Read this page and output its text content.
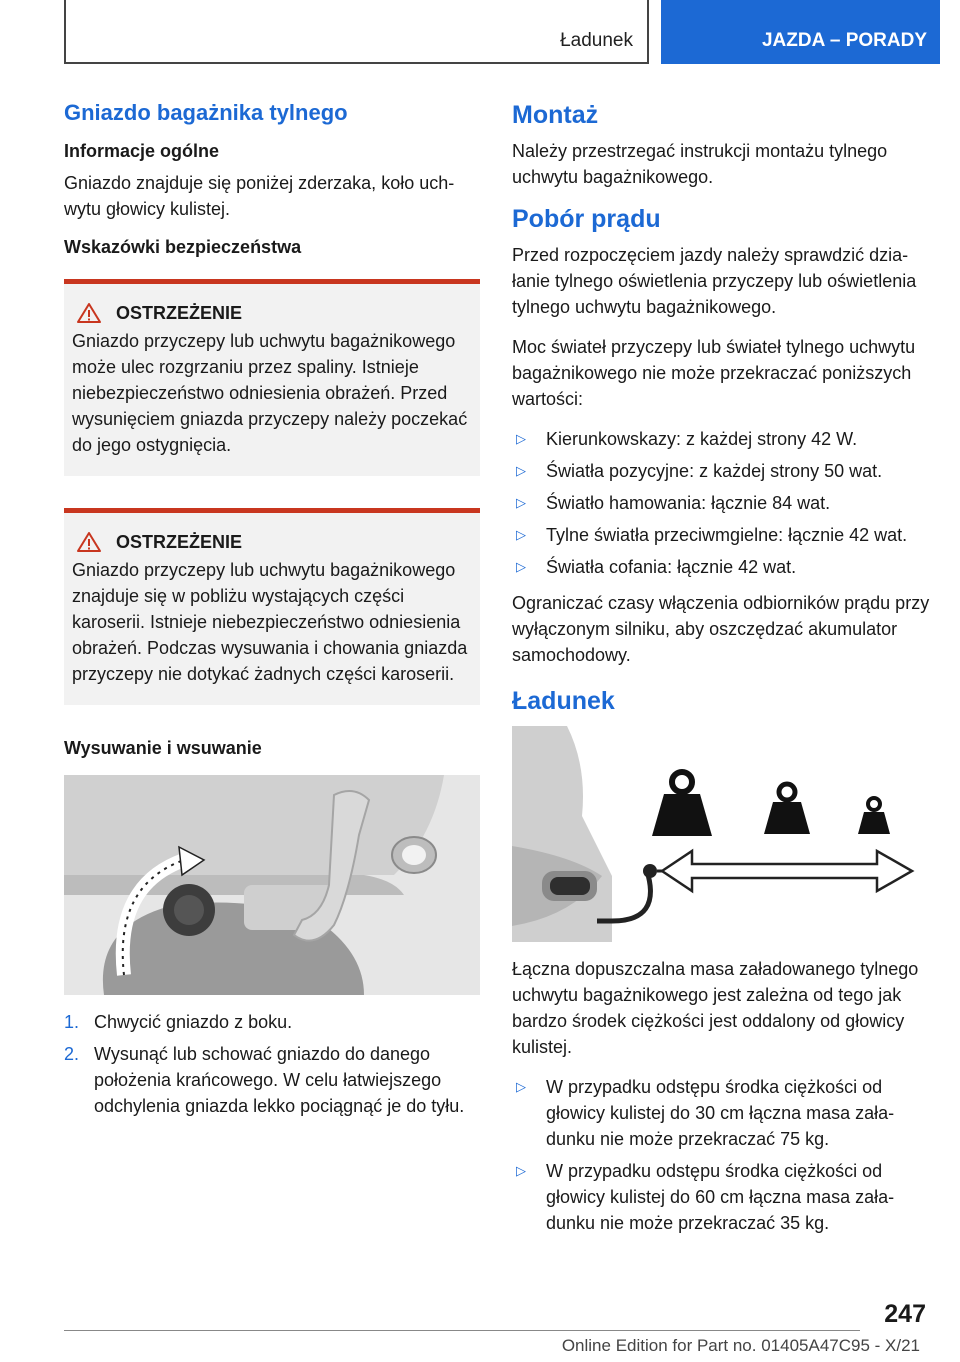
Ładunek	JAZDA – PORADY
Gniazdo bagażnika tylnego
Informacje ogólne

Gniazdo znajduje się poniżej zderzaka, koło uchwytu głowicy kulistej.

Wskazówki bezpieczeństwa
OSTRZEŻENIE

Gniazdo przyczepy lub uchwytu bagażnikowego może ulec rozgrzaniu przez spaliny. Istnieje niebezpieczeństwo odniesienia obrażeń. Przed wysunięciem gniazda przyczepy należy poczekać do jego ostygnięcia.

OSTRZEŻENIE

Gniazdo przyczepy lub uchwytu bagażnikowego znajduje się w pobliżu wystających części karoserii. Istnieje niebezpieczeństwo odniesienia obrażeń. Podczas wysuwania i chowania gniazda przyczepy nie dotykać żadnych części karoserii.

Wysuwanie i wsuwanie
1. Chwycić gniazdo z boku.
2. Wysunąć lub schować gniazdo do danego położenia krańcowego. W celu łatwiejszego odchylenia gniazda lekko pociągnąć je do tyłu.
Montaż

Należy przestrzegać instrukcji montażu tylnego uchwytu bagażnikowego.

Pobór prądu

Przed rozpoczęciem jazdy należy sprawdzić działanie tylnego oświetlenia przyczepy lub oświetlenia tylnego uchwytu bagażnikowego.

Moc świateł przyczepy lub świateł tylnego uchwytu bagażnikowego nie może przekraczać poniższych wartości:

▷	Kierunkowskazy: z każdej strony 42 W.
▷	Światła pozycyjne: z każdej strony 50 wat.
▷	Światło hamowania: łącznie 84 wat.
▷	Tylne światła przeciwmgielne: łącznie 42 wat.
▷	Światła cofania: łącznie 42 wat.

Ograniczać czasy włączenia odbiorników prądu przy wyłączonym silniku, aby oszczędzać akumulator samochodowy.

Ładunek

Łączna dopuszczalna masa załadowanego tylnego uchwytu bagażnikowego jest zależna od tego jak bardzo środek ciężkości jest oddalony od głowicy kulistej.

▷	W przypadku odstępu środka ciężkości od głowicy kulistej do 30 cm łączna masa załadunku nie może przekraczać 75 kg.
▷	W przypadku odstępu środka ciężkości od głowicy kulistej do 60 cm łączna masa załadunku nie może przekraczać 35 kg.
247
Online Edition for Part no. 01405A47C95 - X/21
